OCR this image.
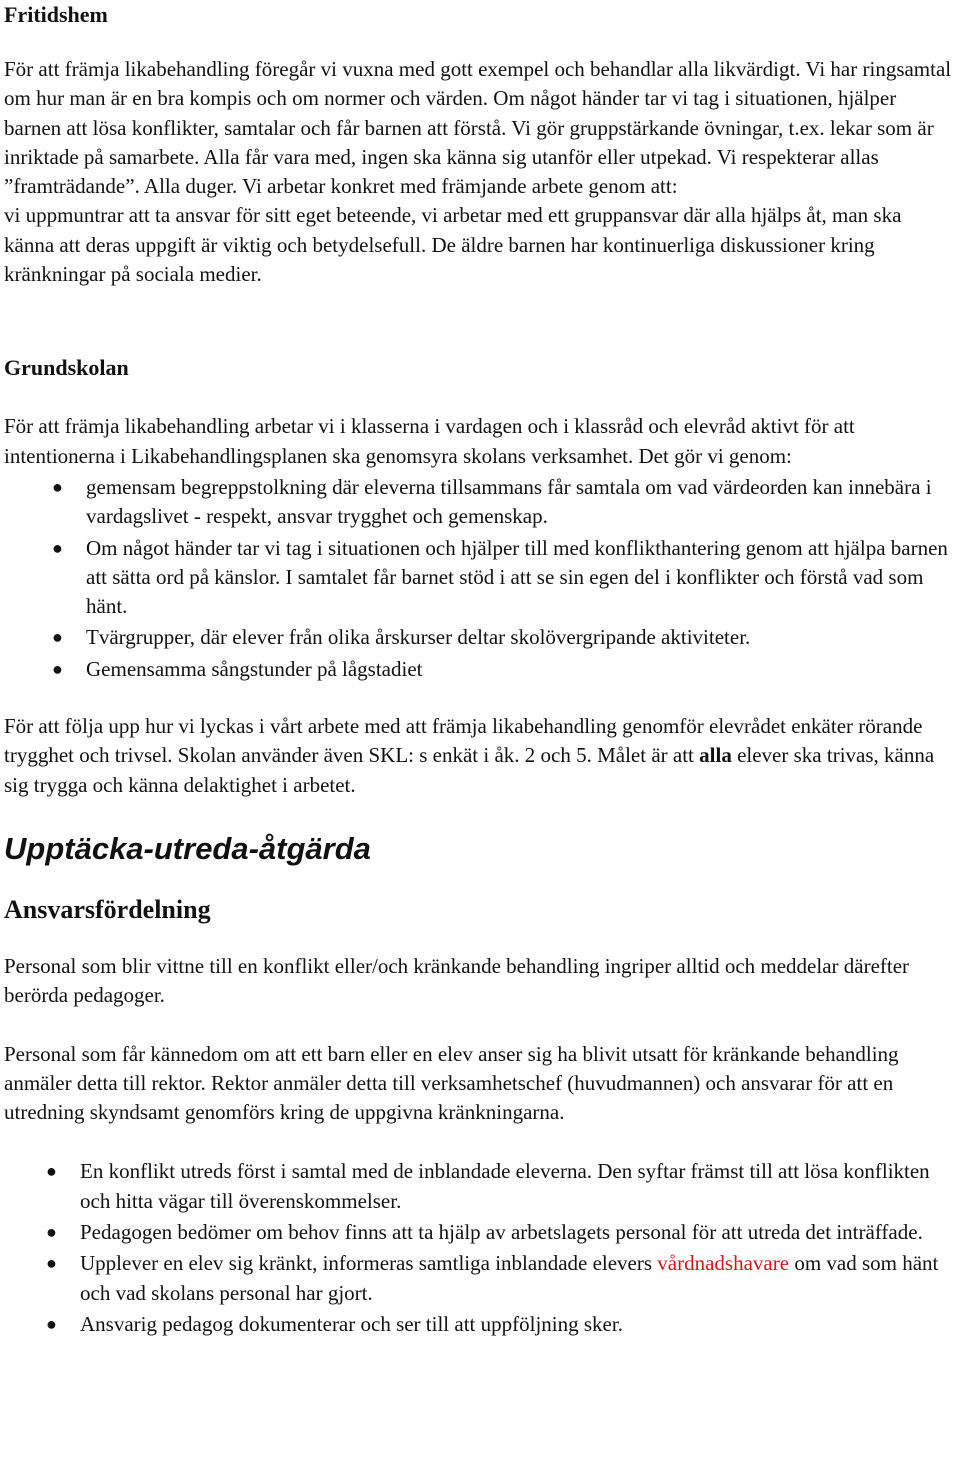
Fritidshem

För att främja likabehandling föregår vi vuxna med gott exempel och behandlar alla likvärdigt. Vi har ringsamtal om hur man är en bra kompis och om normer och värden. Om något händer tar vi tag i situationen, hjälper barnen att lösa konflikter, samtalar och får barnen att förstå. Vi gör gruppstärkande övningar, t.ex. lekar som är inriktade på samarbete. Alla får vara med, ingen ska känna sig utanför eller utpekad. Vi respekterar allas ”framträdande”. Alla duger. Vi arbetar konkret med främjande arbete genom att:

vi uppmuntrar att ta ansvar för sitt eget beteende, vi arbetar med ett gruppansvar där alla hjälps åt, man ska känna att deras uppgift är viktig och betydelsefull. De äldre barnen har kontinuerliga diskussioner kring kränkningar på sociala medier.

Grundskolan

För att främja likabehandling arbetar vi i klasserna i vardagen och i klassråd och elevråd aktivt för att intentionerna i Likabehandlingsplanen ska genomsyra skolans verksamhet. Det gör vi genom:

● gemensam begreppstolkning där eleverna tillsammans får samtala om vad värdeorden kan innebära i vardagslivet - respekt, ansvar trygghet och gemenskap.
● Om något händer tar vi tag i situationen och hjälper till med konflikthantering genom att hjälpa barnen att sätta ord på känslor. I samtalet får barnet stöd i att se sin egen del i konflikter och förstå vad som hänt.
● Tvärgrupper, där elever från olika årskurser deltar skolövergripande aktiviteter.
● Gemensamma sångstunder på lågstadiet

För att följa upp hur vi lyckas i vårt arbete med att främja likabehandling genomför elevrådet enkäter rörande trygghet och trivsel. Skolan använder även SKL: s enkät i åk. 2 och 5. Målet är att alla elever ska trivas, känna sig trygga och känna delaktighet i arbetet.

Upptäcka-utreda-åtgärda
Ansvarsfördelning

Personal som blir vittne till en konflikt eller/och kränkande behandling ingriper alltid och meddelar därefter berörda pedagoger.

Personal som får kännedom om att ett barn eller en elev anser sig ha blivit utsatt för kränkande behandling anmäler detta till rektor. Rektor anmäler detta till verksamhetschef (huvudmannen) och ansvarar för att en utredning skyndsamt genomförs kring de uppgivna kränkningarna.

● En konflikt utreds först i samtal med de inblandade eleverna. Den syftar främst till att lösa konflikten och hitta vägar till överenskommelser.
● Pedagogen bedömer om behov finns att ta hjälp av arbetslagets personal för att utreda det inträffade.
● Upplever en elev sig kränkt, informeras samtliga inblandade elevers vårdnadshavare om vad som hänt och vad skolans personal har gjort.
● Ansvarig pedagog dokumenterar och ser till att uppföljning sker.
